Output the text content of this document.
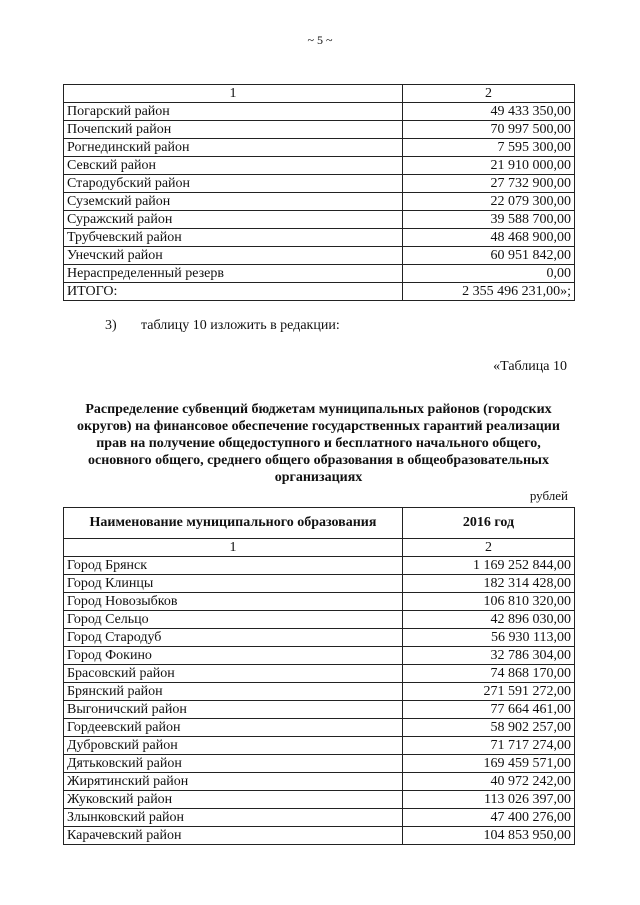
~ 5 ~
1	2
Погарский район	49 433 350,00
Почепский район	70 997 500,00
Рогнединский район	7 595 300,00
Севский район	21 910 000,00
Стародубский район	27 732 900,00
Суземский район	22 079 300,00
Суражский район	39 588 700,00
Трубчевский район	48 468 900,00
Унечский район	60 951 842,00
Нераспределенный резерв	0,00
ИТОГО:	2 355 496 231,00»;
3) таблицу 10 изложить в редакции:
«Таблица 10
Распределение субвенций бюджетам муниципальных районов (городских округов) на финансовое обеспечение государственных гарантий реализации прав на получение общедоступного и бесплатного начального общего, основного общего, среднего общего образования в общеобразовательных организациях
рублей
Наименование муниципального образования	2016 год
1	2
Город Брянск	1 169 252 844,00
Город Клинцы	182 314 428,00
Город Новозыбков	106 810 320,00
Город Сельцо	42 896 030,00
Город Стародуб	56 930 113,00
Город Фокино	32 786 304,00
Брасовский район	74 868 170,00
Брянский район	271 591 272,00
Выгоничский район	77 664 461,00
Гордеевский район	58 902 257,00
Дубровский район	71 717 274,00
Дятьковский район	169 459 571,00
Жирятинский район	40 972 242,00
Жуковский район	113 026 397,00
Злынковский район	47 400 276,00
Карачевский район	104 853 950,00
